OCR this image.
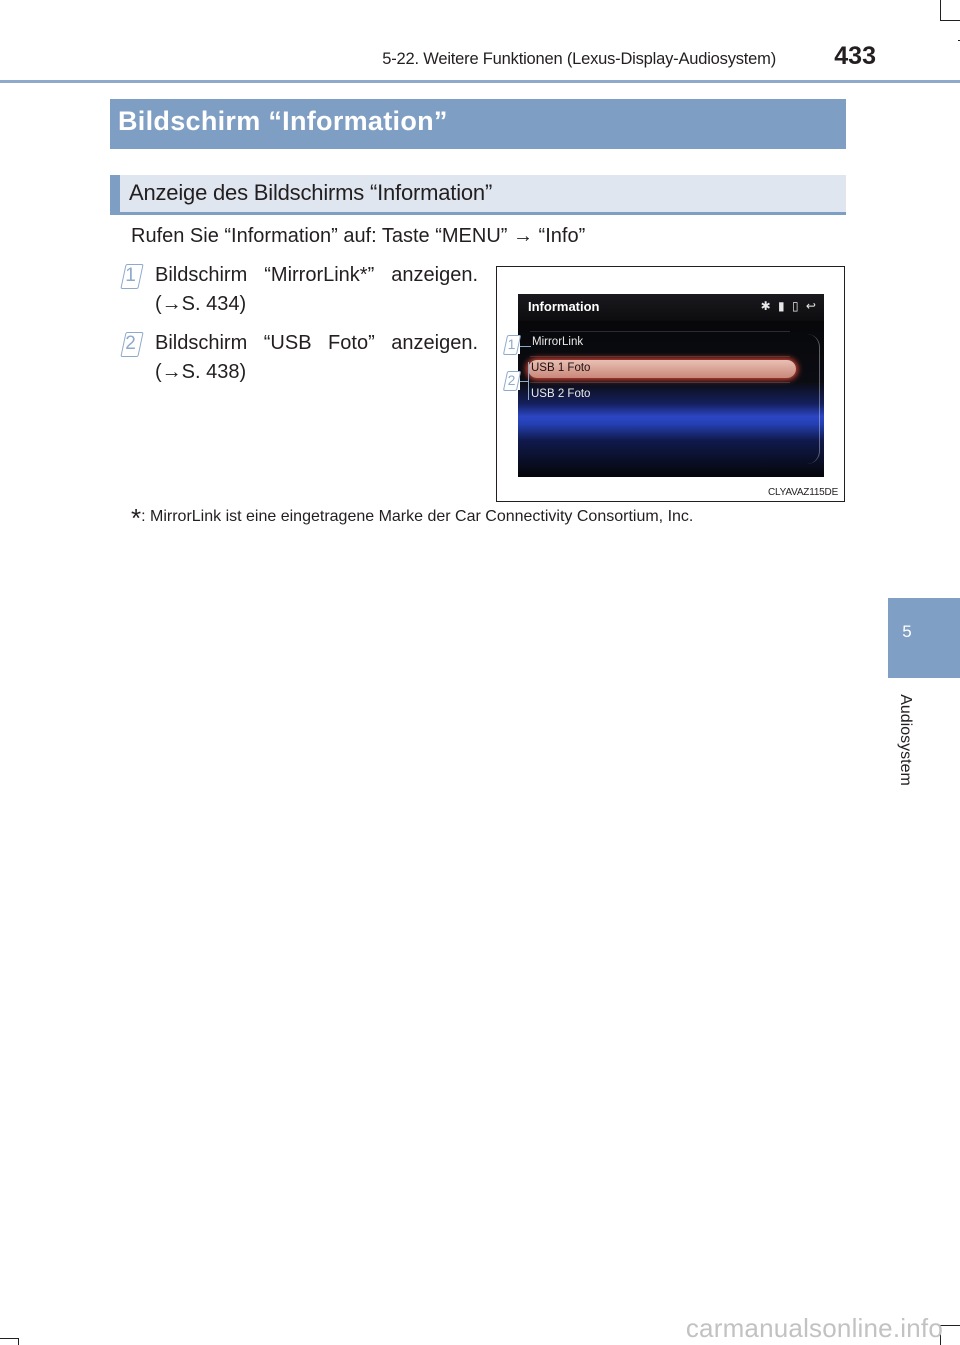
5-22. Weitere Funktionen (Lexus-Display-Audiosystem) 433
5
Audiosystem
Bildschirm “Information”
Anzeige des Bildschirms “Information”
Rufen Sie “Information” auf: Taste “MENU” → “Info”
1 Bildschirm “MirrorLink*” anzeigen.
(→S. 434)
2 Bildschirm “USB Foto” anzeigen.
(→S. 438)
Information	✱ ▮ ▯ ↩
MirrorLink
USB 1 Foto
USB 2 Foto
1
2
CLYAVAZ115DE
*: MirrorLink ist eine eingetragene Marke der Car Connectivity Consortium, Inc.
carmanualsonline.info
